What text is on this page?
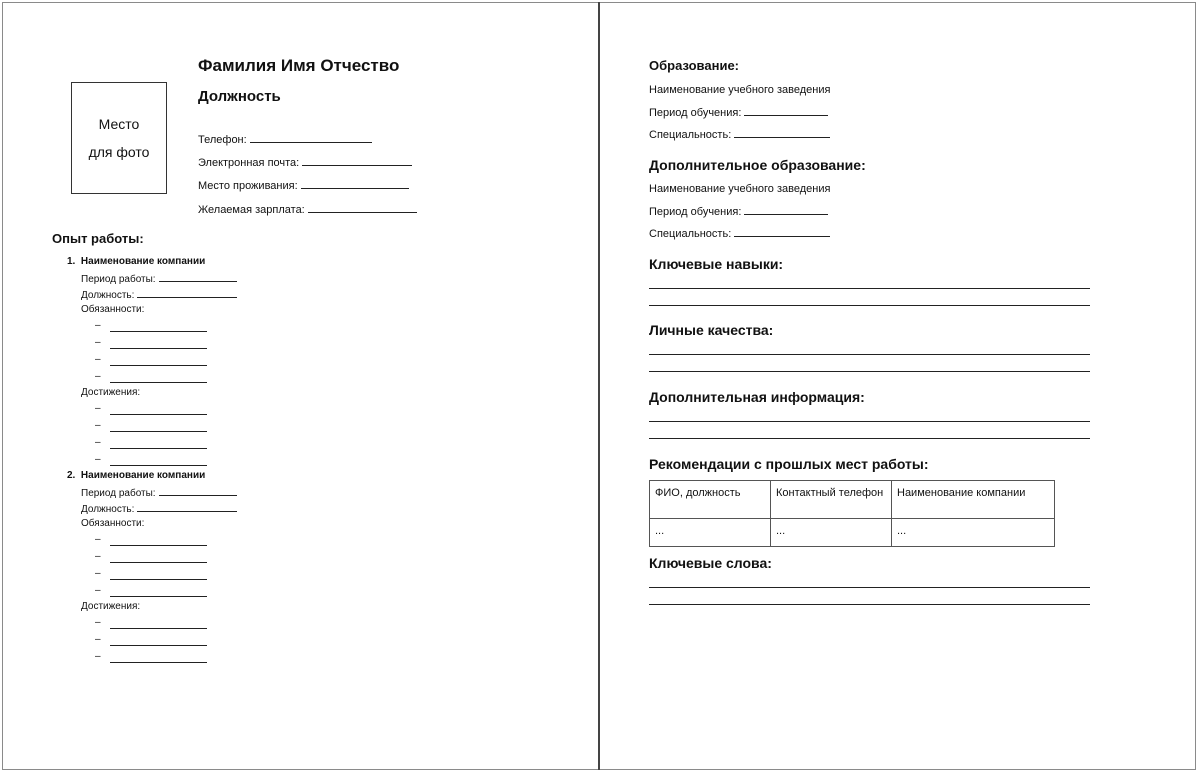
Место
для фото
Фамилия Имя Отчество
Должность
Телефон:
Электронная почта:
Место проживания:
Желаемая зарплата:
Опыт работы:
1. Наименование компании
Период работы:
Должность:
Обязанности:
–
–
–
–
Достижения:
–
–
–
–
2. Наименование компании
Период работы:
Должность:
Обязанности:
–
–
–
–
Достижения:
–
–
–
Образование:
Наименование учебного заведения
Период обучения:
Специальность:
Дополнительное образование:
Наименование учебного заведения
Период обучения:
Специальность:
Ключевые навыки:
Личные качества:
Дополнительная информация:
Рекомендации с прошлых мест работы:
ФИО, должность	Контактный телефон	Наименование компании
...	...	...
Ключевые слова:
